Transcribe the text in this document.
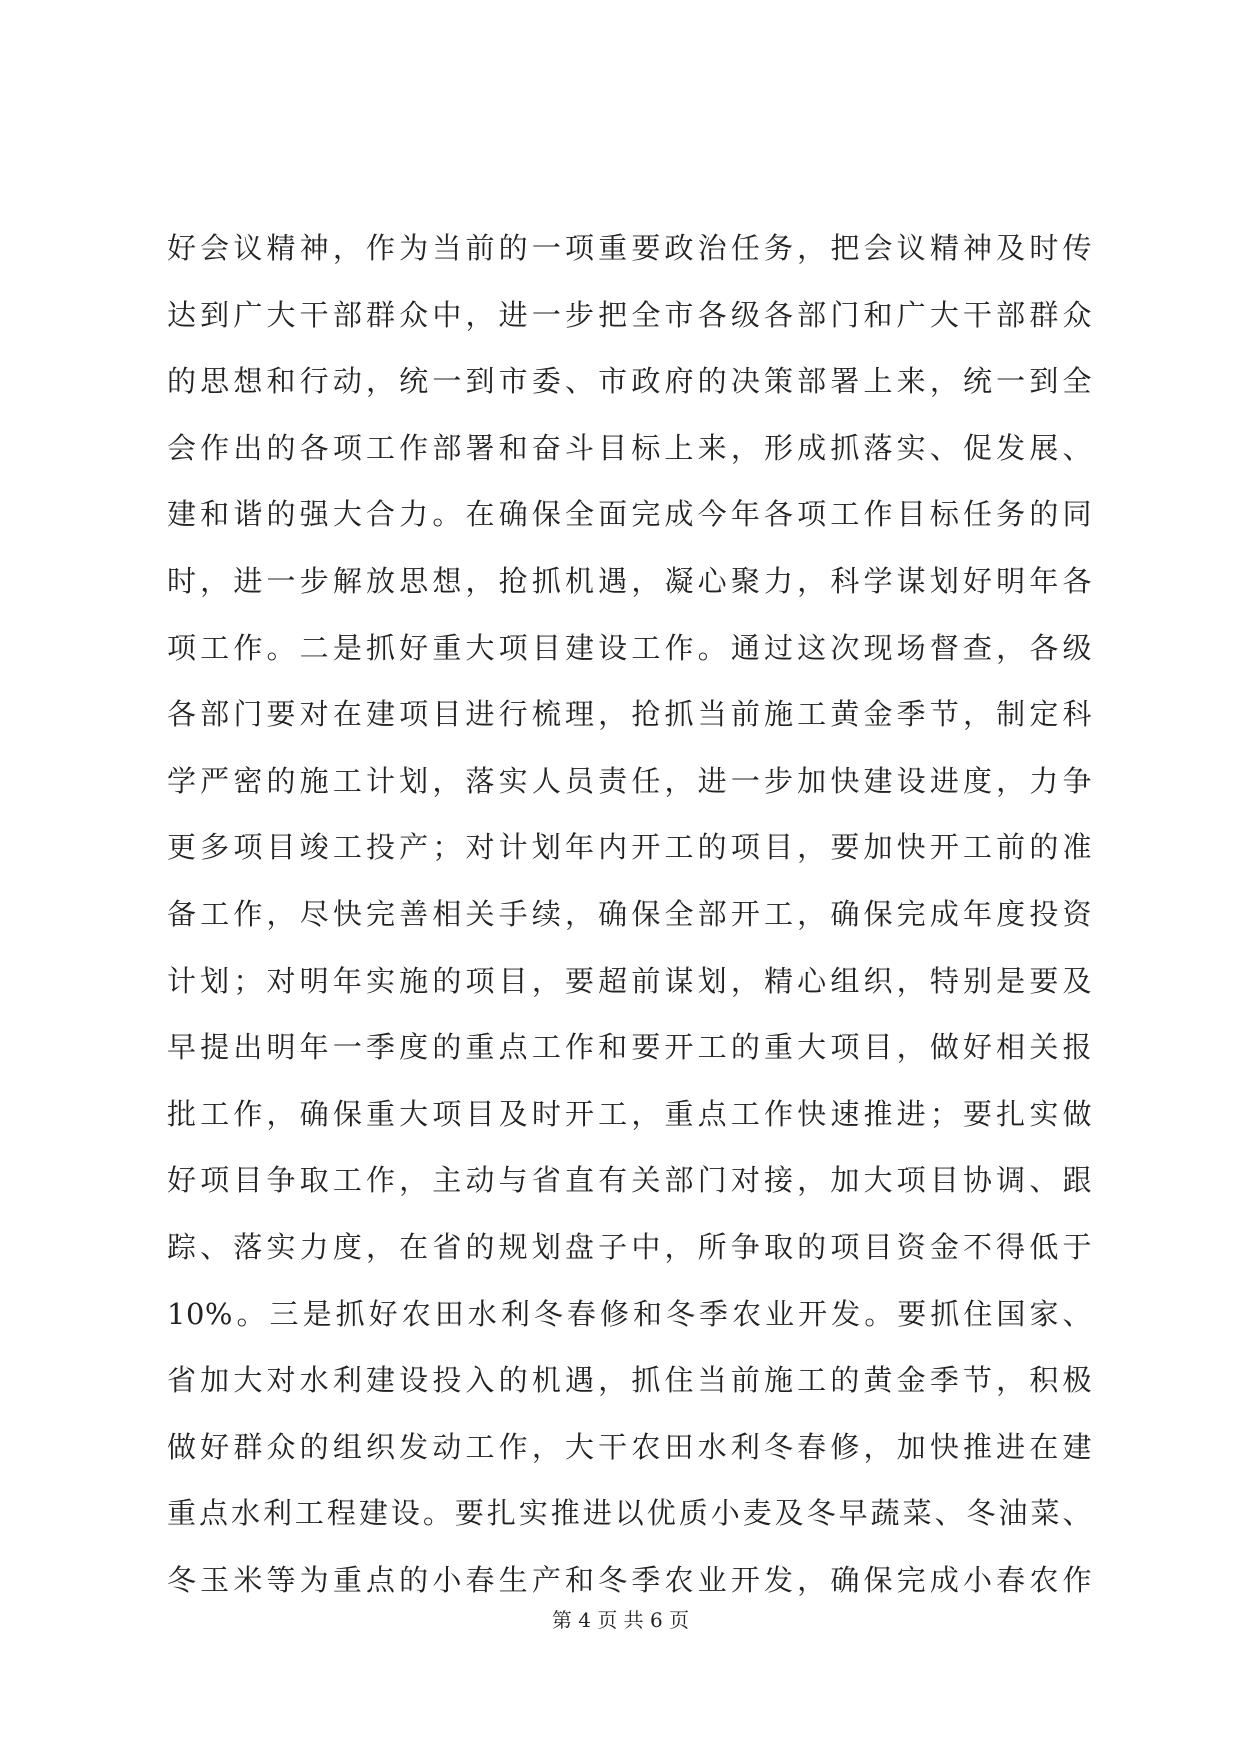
好会议精神，作为当前的一项重要政治任务，把会议精神及时传
达到广大干部群众中，进一步把全市各级各部门和广大干部群众
的思想和行动，统一到市委、市政府的决策部署上来，统一到全
会作出的各项工作部署和奋斗目标上来，形成抓落实、促发展、
建和谐的强大合力。在确保全面完成今年各项工作目标任务的同
时，进一步解放思想，抢抓机遇，凝心聚力，科学谋划好明年各
项工作。二是抓好重大项目建设工作。通过这次现场督查，各级
各部门要对在建项目进行梳理，抢抓当前施工黄金季节，制定科
学严密的施工计划，落实人员责任，进一步加快建设进度，力争
更多项目竣工投产；对计划年内开工的项目，要加快开工前的准
备工作，尽快完善相关手续，确保全部开工，确保完成年度投资
计划；对明年实施的项目，要超前谋划，精心组织，特别是要及
早提出明年一季度的重点工作和要开工的重大项目，做好相关报
批工作，确保重大项目及时开工，重点工作快速推进；要扎实做
好项目争取工作，主动与省直有关部门对接，加大项目协调、跟
踪、落实力度，在省的规划盘子中，所争取的项目资金不得低于
10%。三是抓好农田水利冬春修和冬季农业开发。要抓住国家、
省加大对水利建设投入的机遇，抓住当前施工的黄金季节，积极
做好群众的组织发动工作，大干农田水利冬春修，加快推进在建
重点水利工程建设。要扎实推进以优质小麦及冬早蔬菜、冬油菜、
冬玉米等为重点的小春生产和冬季农业开发，确保完成小春农作
第 4 页 共 6 页
